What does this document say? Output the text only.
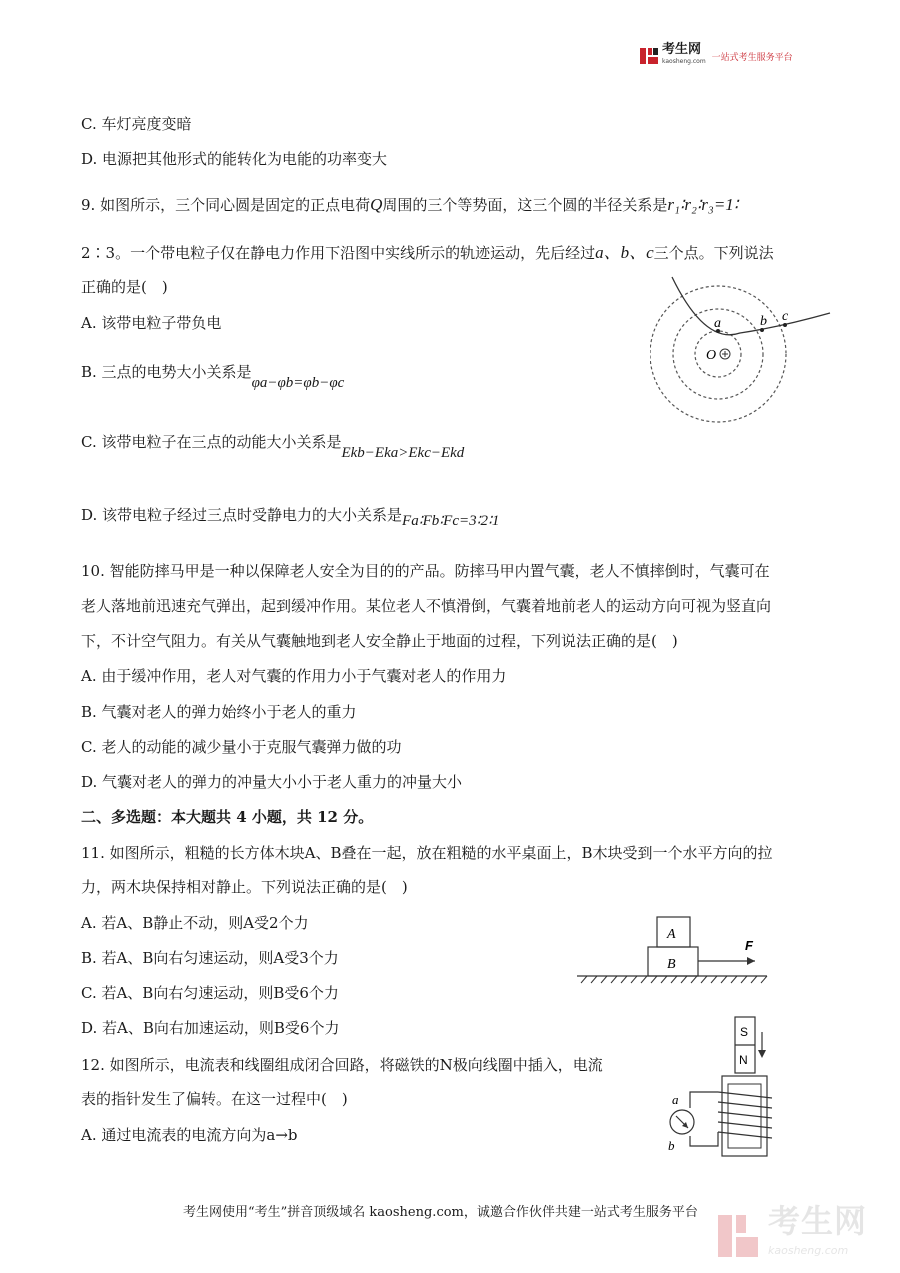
考生网
kaosheng.com 一站式考生服务平台
C. 车灯亮度变暗
D. 电源把其他形式的能转化为电能的功率变大
9. 如图所示，三个同心圆是固定的正点电荷Q周围的三个等势面，这三个圆的半径关系是r₁∶r₂∶r₃=1∶
2∶3。一个带电粒子仅在静电力作用下沿图中实线所示的轨迹运动，先后经过a、b、c三个点。下列说法
正确的是(　)
A. 该带电粒子带负电
B. 三点的电势大小关系是φa−φb=φb−φc
C. 该带电粒子在三点的动能大小关系是Ekb−Eka>Ekc−Ekd
D. 该带电粒子经过三点时受静电力的大小关系是Fa∶Fb∶Fc=3∶2∶1
a	b c
O
10. 智能防摔马甲是一种以保障老人安全为目的的产品。防摔马甲内置气囊，老人不慎摔倒时，气囊可在
老人落地前迅速充气弹出，起到缓冲作用。某位老人不慎滑倒，气囊着地前老人的运动方向可视为竖直向
下，不计空气阻力。有关从气囊触地到老人安全静止于地面的过程，下列说法正确的是(　)
A. 由于缓冲作用，老人对气囊的作用力小于气囊对老人的作用力
B. 气囊对老人的弹力始终小于老人的重力
C. 老人的动能的减少量小于克服气囊弹力做的功
D. 气囊对老人的弹力的冲量大小小于老人重力的冲量大小
二、多选题：本大题共 4 小题，共 12 分。
11. 如图所示，粗糙的长方体木块A、B叠在一起，放在粗糙的水平桌面上，B木块受到一个水平方向的拉
力，两木块保持相对静止。下列说法正确的是(　)
A. 若A、B静止不动，则A受2个力
B. 若A、B向右匀速运动，则A受3个力
C. 若A、B向右匀速运动，则B受6个力
D. 若A、B向右加速运动，则B受6个力
A
B
F
12. 如图所示，电流表和线圈组成闭合回路，将磁铁的N极向线圈中插入，电流
表的指针发生了偏转。在这一过程中(　)
A. 通过电流表的电流方向为a→b
S
N
a
b
考生网使用“考生”拼音顶级域名 kaosheng.com，诚邀合作伙伴共建一站式考生服务平台 考生网
kaosheng.com
